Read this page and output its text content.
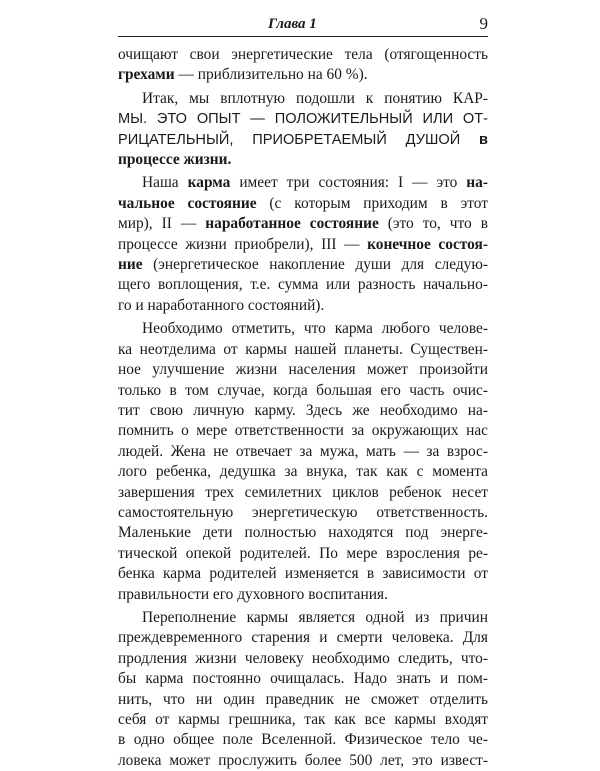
Глава 1	9
очищают свои энергетические тела (отягощенность
грехами — приблизительно на 60 %).
Итак, мы вплотную подошли к понятию КАР-
МЫ. ЭТО ОПЫТ — ПОЛОЖИТЕЛЬНЫЙ ИЛИ ОТ-
РИЦАТЕЛЬНЫЙ, ПРИОБРЕТАЕМЫЙ ДУШОЙ в
процессе жизни.
Наша карма имеет три состояния: I — это на-
чальное состояние (с которым приходим в этот
мир), II — наработанное состояние (это то, что в
процессе жизни приобрели), III — конечное состоя-
ние (энергетическое накопление души для следую-
щего воплощения, т.е. сумма или разность начально-
го и наработанного состояний).
Необходимо отметить, что карма любого челове-
ка неотделима от кармы нашей планеты. Существен-
ное улучшение жизни населения может произойти
только в том случае, когда большая его часть очис-
тит свою личную карму. Здесь же необходимо на-
помнить о мере ответственности за окружающих нас
людей. Жена не отвечает за мужа, мать — за взрос-
лого ребенка, дедушка за внука, так как с момента
завершения трех семилетних циклов ребенок несет
самостоятельную энергетическую ответственность.
Маленькие дети полностью находятся под энерге-
тической опекой родителей. По мере взросления ре-
бенка карма родителей изменяется в зависимости от
правильности его духовного воспитания.
Переполнение кармы является одной из причин
преждевременного старения и смерти человека. Для
продления жизни человеку необходимо следить, что-
бы карма постоянно очищалась. Надо знать и пом-
нить, что ни один праведник не сможет отделить
себя от кармы грешника, так как все кармы входят
в одно общее поле Вселенной. Физическое тело че-
ловека может прослужить более 500 лет, это извест-
